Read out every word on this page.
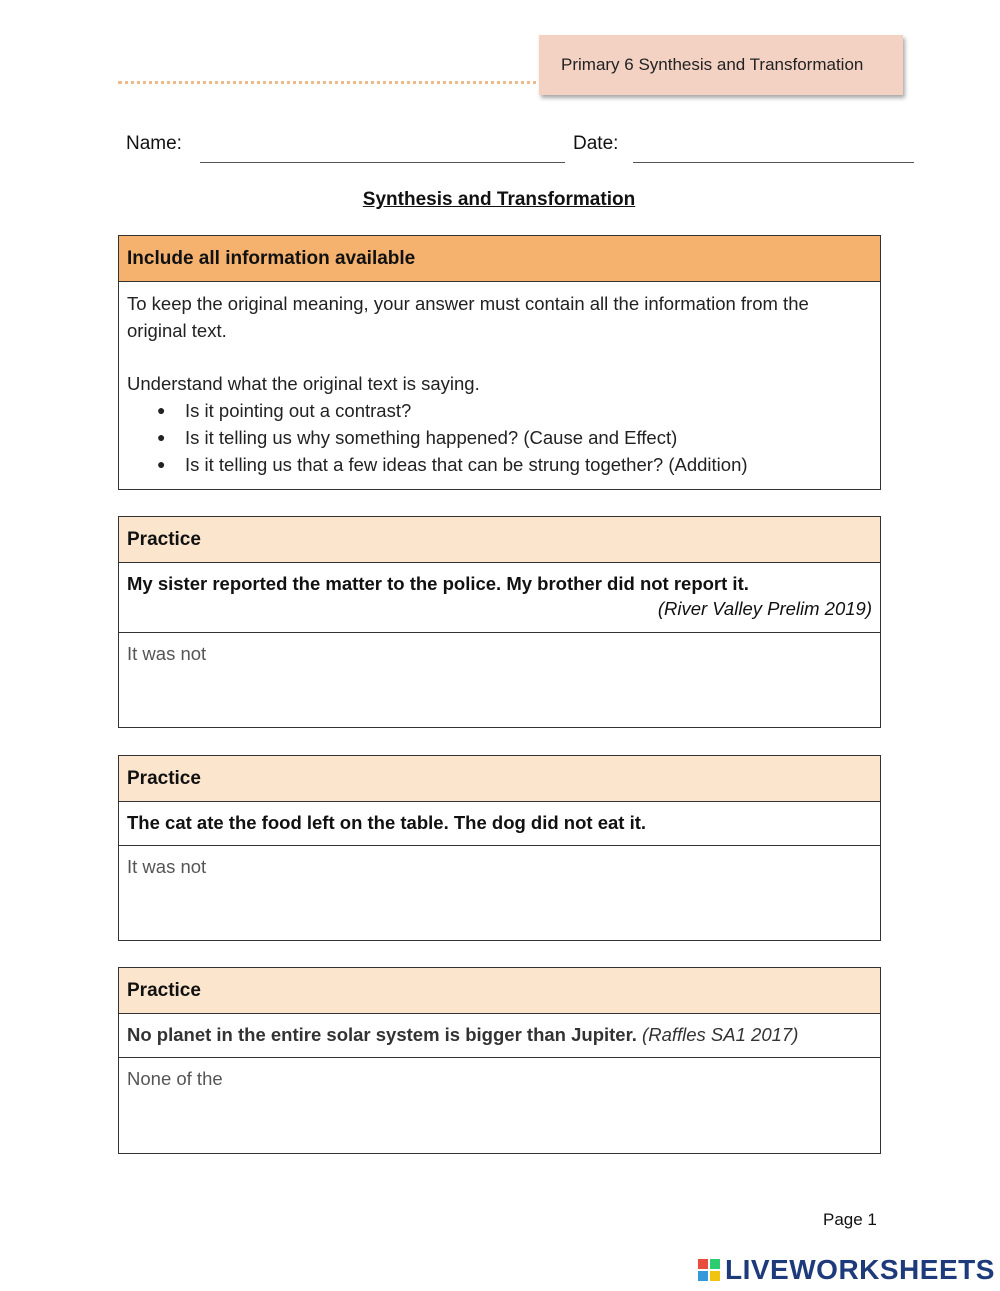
Primary 6 Synthesis and Transformation
Name:	Date:
Synthesis and Transformation
Include all information available

To keep the original meaning, your answer must contain all the information from the original text.

Understand what the original text is saying.

● Is it pointing out a contrast?
● Is it telling us why something happened? (Cause and Effect)
● Is it telling us that a few ideas that can be strung together? (Addition)
Practice
My sister reported the matter to the police. My brother did not report it.
(River Valley Prelim 2019)
It was not
Practice
The cat ate the food left on the table. The dog did not eat it.
It was not
Practice
No planet in the entire solar system is bigger than Jupiter. (Raffles SA1 2017)
None of the
Page 1
LIVEWORKSHEETS
